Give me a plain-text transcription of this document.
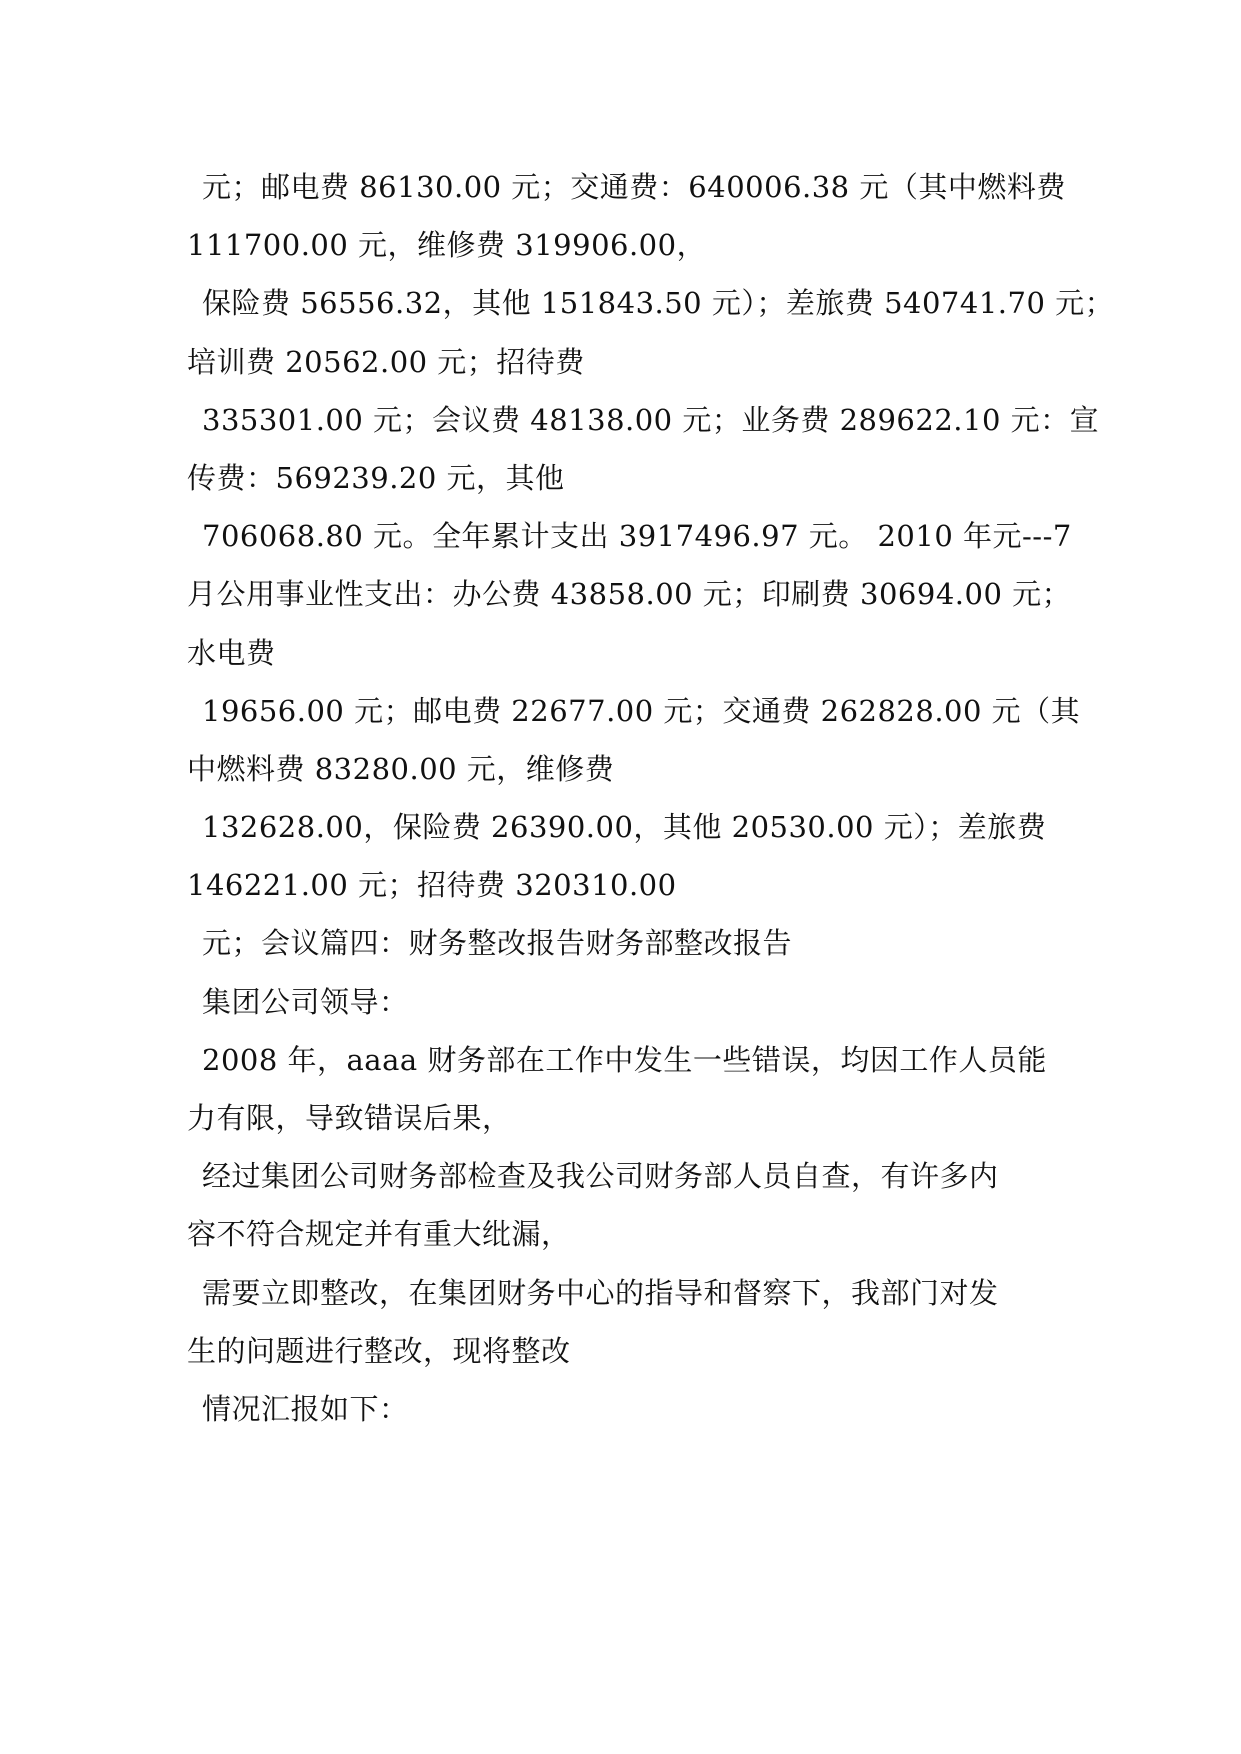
元；邮电费 86130.00 元；交通费：640006.38 元（其中燃料费
111700.00 元，维修费 319906.00，
保险费 56556.32，其他 151843.50 元）；差旅费 540741.70 元；
培训费 20562.00 元；招待费
335301.00 元；会议费 48138.00 元；业务费 289622.10 元：宣
传费：569239.20 元，其他
706068.80 元。全年累计支出 3917496.97 元。 2010 年元---7
月公用事业性支出：办公费 43858.00 元；印刷费 30694.00 元；
水电费
19656.00 元；邮电费 22677.00 元；交通费 262828.00 元（其
中燃料费 83280.00 元，维修费
132628.00，保险费 26390.00，其他 20530.00 元）；差旅费
146221.00 元；招待费 320310.00
元；会议篇四：财务整改报告财务部整改报告
集团公司领导：
2008 年，aaaa 财务部在工作中发生一些错误，均因工作人员能
力有限，导致错误后果，
经过集团公司财务部检查及我公司财务部人员自查，有许多内
容不符合规定并有重大纰漏，
需要立即整改，在集团财务中心的指导和督察下，我部门对发
生的问题进行整改，现将整改
情况汇报如下：
